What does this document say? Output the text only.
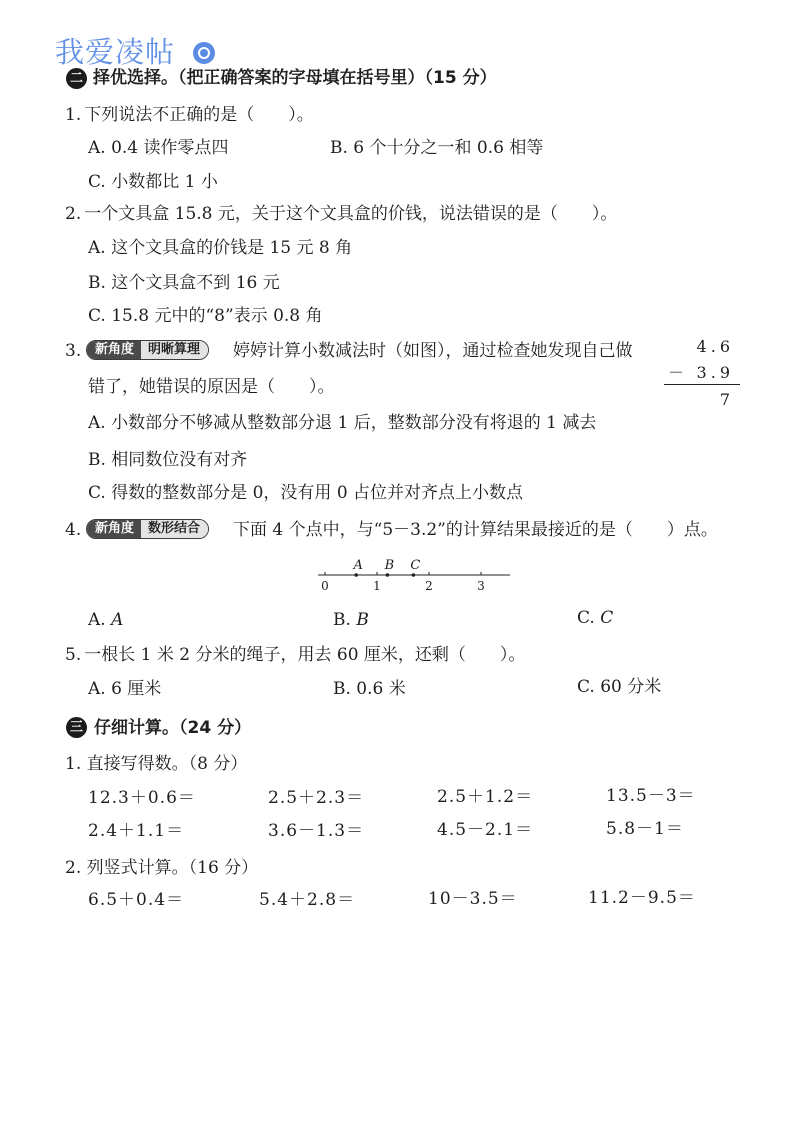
我爱凌帖
二 择优选择。（把正确答案的字母填在括号里）（15 分）
1. 下列说法不正确的是（　　）。
A. 0.4 读作零点四	B. 6 个十分之一和 0.6 相等
C. 小数都比 1 小
2. 一个文具盒 15.8 元，关于这个文具盒的价钱，说法错误的是（　　）。
A. 这个文具盒的价钱是 15 元 8 角
B. 这个文具盒不到 16 元
C. 15.8 元中的“8”表示 0.8 角
3.	新角度	明晰算理	婷婷计算小数减法时（如图），通过检查她发现自己做
错了，她错误的原因是（　　）。
4.6
－ 3.9
7
A. 小数部分不够减从整数部分退 1 后，整数部分没有将退的 1 减去
B. 相同数位没有对齐
C. 得数的整数部分是 0，没有用 0 占位并对齐点上小数点
4.	新角度	数形结合	下面 4 个点中，与“5－3.2”的计算结果最接近的是（　　）点。
0	1	2	3
A B C
A. A	B. B	C. C
5. 一根长 1 米 2 分米的绳子，用去 60 厘米，还剩（　　）。
A. 6 厘米	B. 0.6 米	C. 60 分米
三 仔细计算。（24 分）
1. 直接写得数。（8 分）
12.3＋0.6＝	2.5＋2.3＝	2.5＋1.2＝	13.5－3＝
2.4＋1.1＝	3.6－1.3＝	4.5－2.1＝	5.8－1＝
2. 列竖式计算。（16 分）
6.5＋0.4＝	5.4＋2.8＝	10－3.5＝	11.2－9.5＝
